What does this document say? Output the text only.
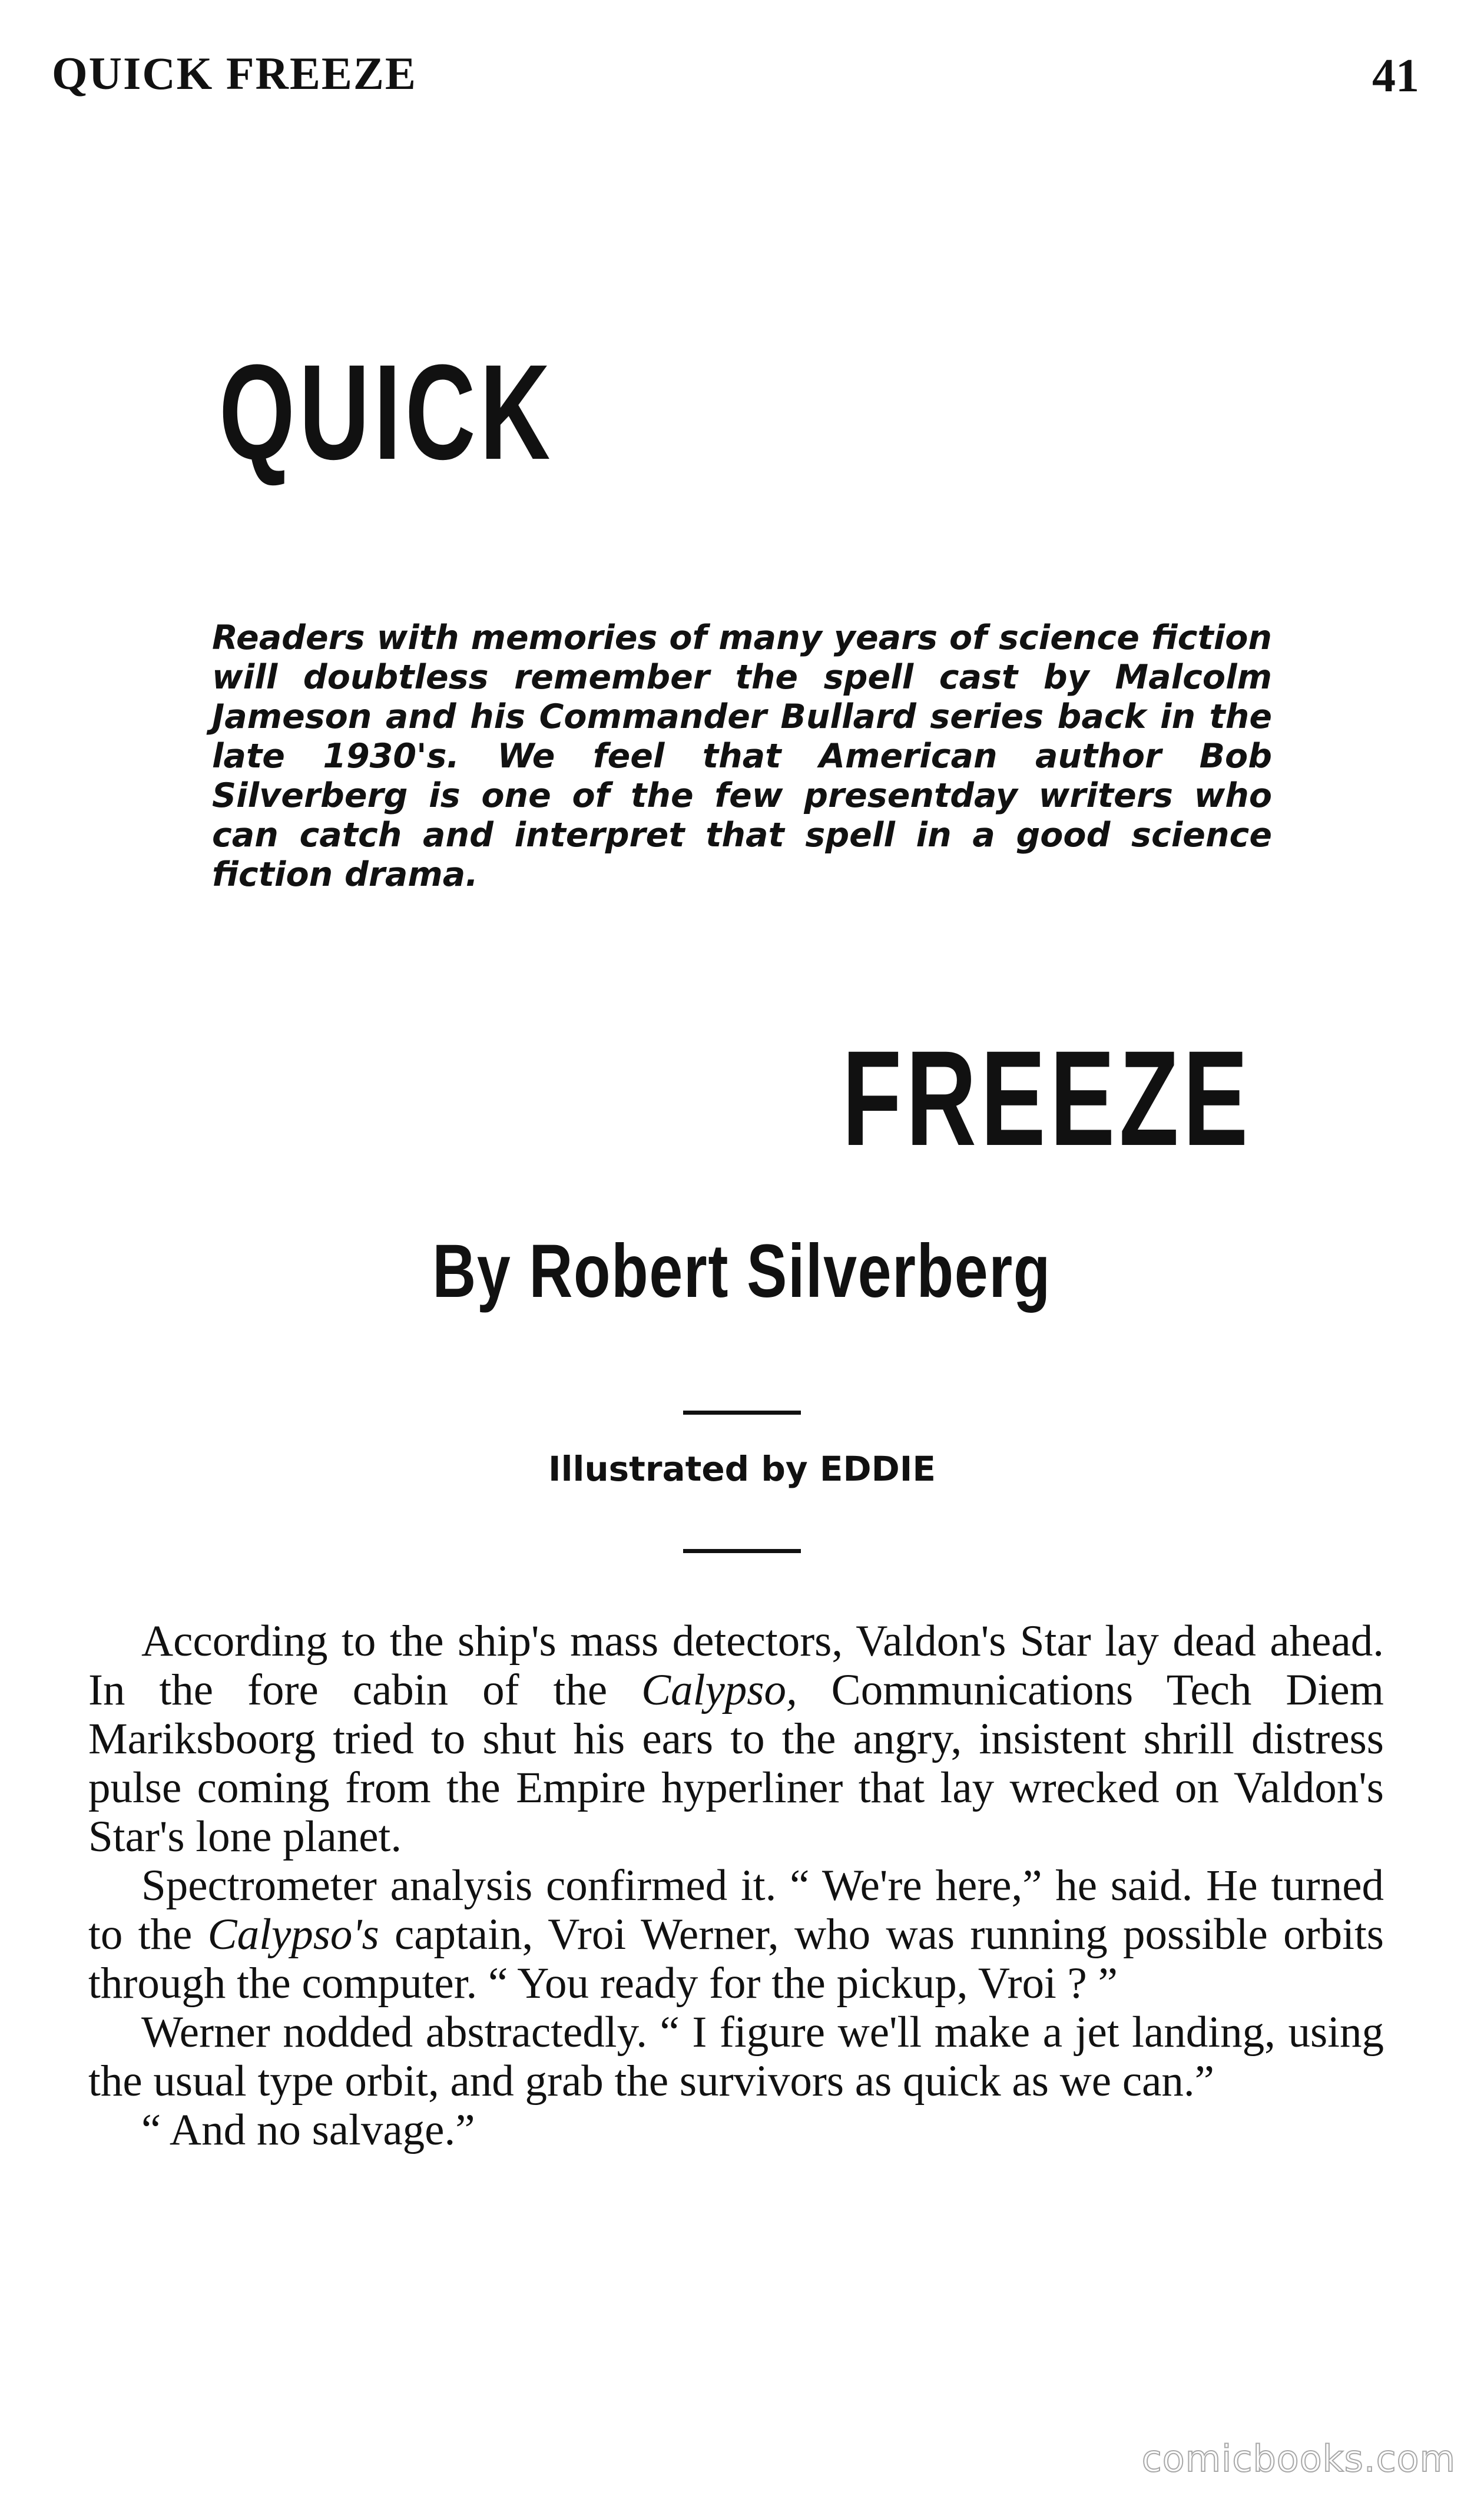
QUICK FREEZE	41
QUICK
Readers with memories of many years of science fiction will doubtless remember the spell cast by Malcolm Jameson and his Commander Bullard series back in the late 1930's. We feel that American author Bob Silverberg is one of the few presentday writers who can catch and interpret that spell in a good science fiction drama.
FREEZE
By Robert Silverberg
Illustrated by EDDIE

According to the ship's mass detectors, Valdon's Star lay dead ahead. In the fore cabin of the Calypso, Communications Tech Diem Mariksboorg tried to shut his ears to the angry, insistent shrill distress pulse coming from the Empire hyperliner that lay wrecked on Valdon's Star's lone planet.

Spectrometer analysis confirmed it. “ We're here,” he said. He turned to the Calypso's captain, Vroi Werner, who was running possible orbits through the computer. “ You ready for the pickup, Vroi ? ”

Werner nodded abstractedly. “ I figure we'll make a jet landing, using the usual type orbit, and grab the survivors as quick as we can.”

“ And no salvage.”

comicbooks.com
